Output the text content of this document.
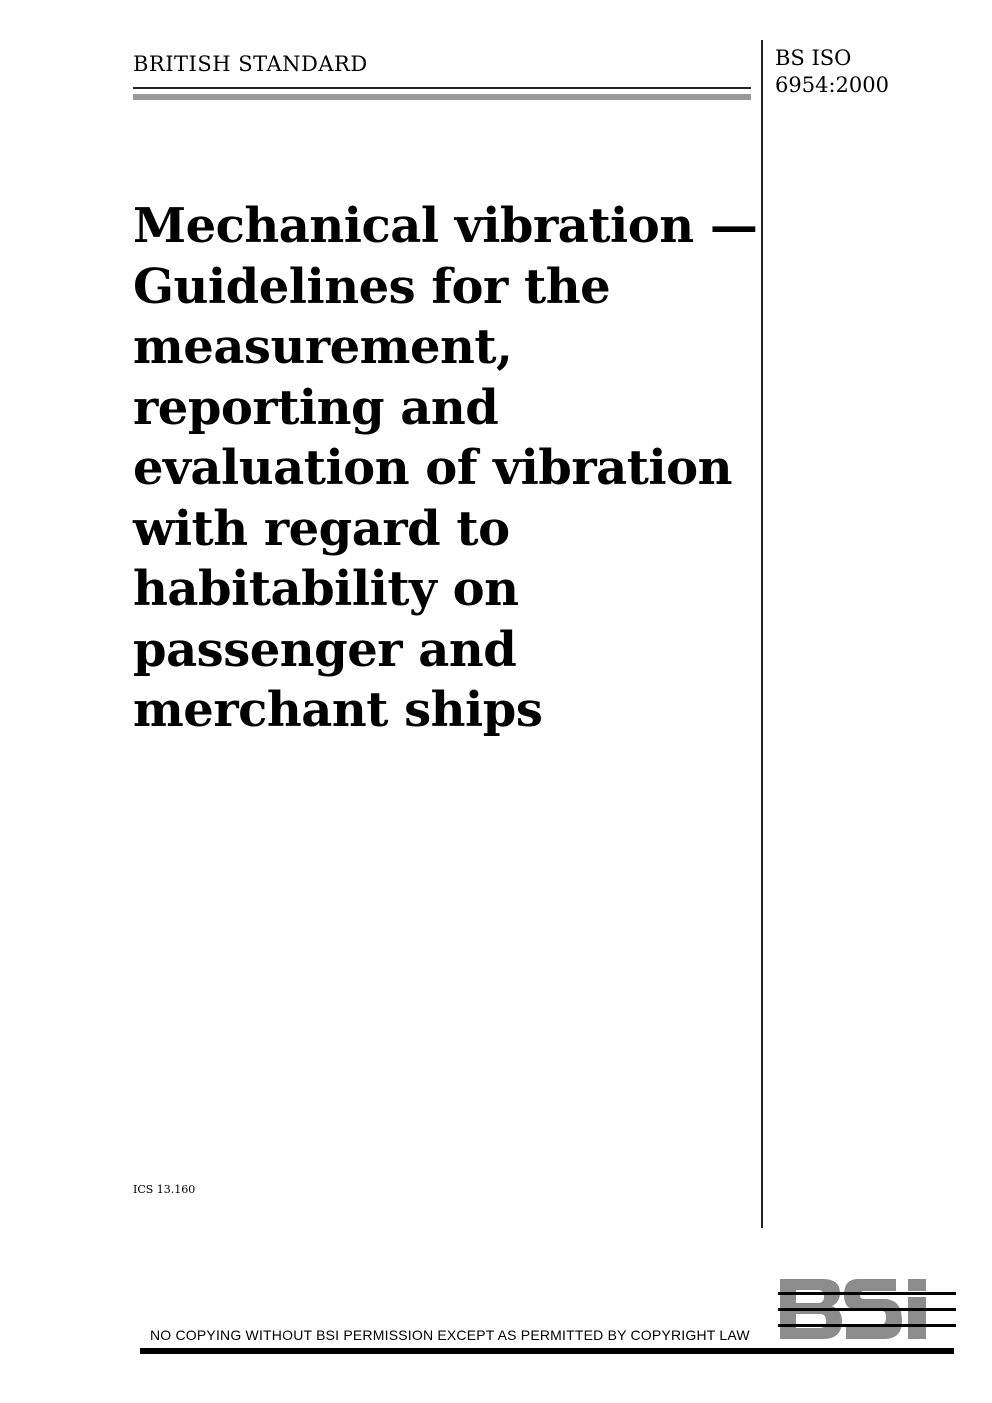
BRITISH STANDARD	BS ISO
6954:2000
Mechanical vibration —
Guidelines for the
measurement,
reporting and
evaluation of vibration
with regard to
habitability on
passenger and
merchant ships
ICS 13.160
NO COPYING WITHOUT BSI PERMISSION EXCEPT AS PERMITTED BY COPYRIGHT LAW
